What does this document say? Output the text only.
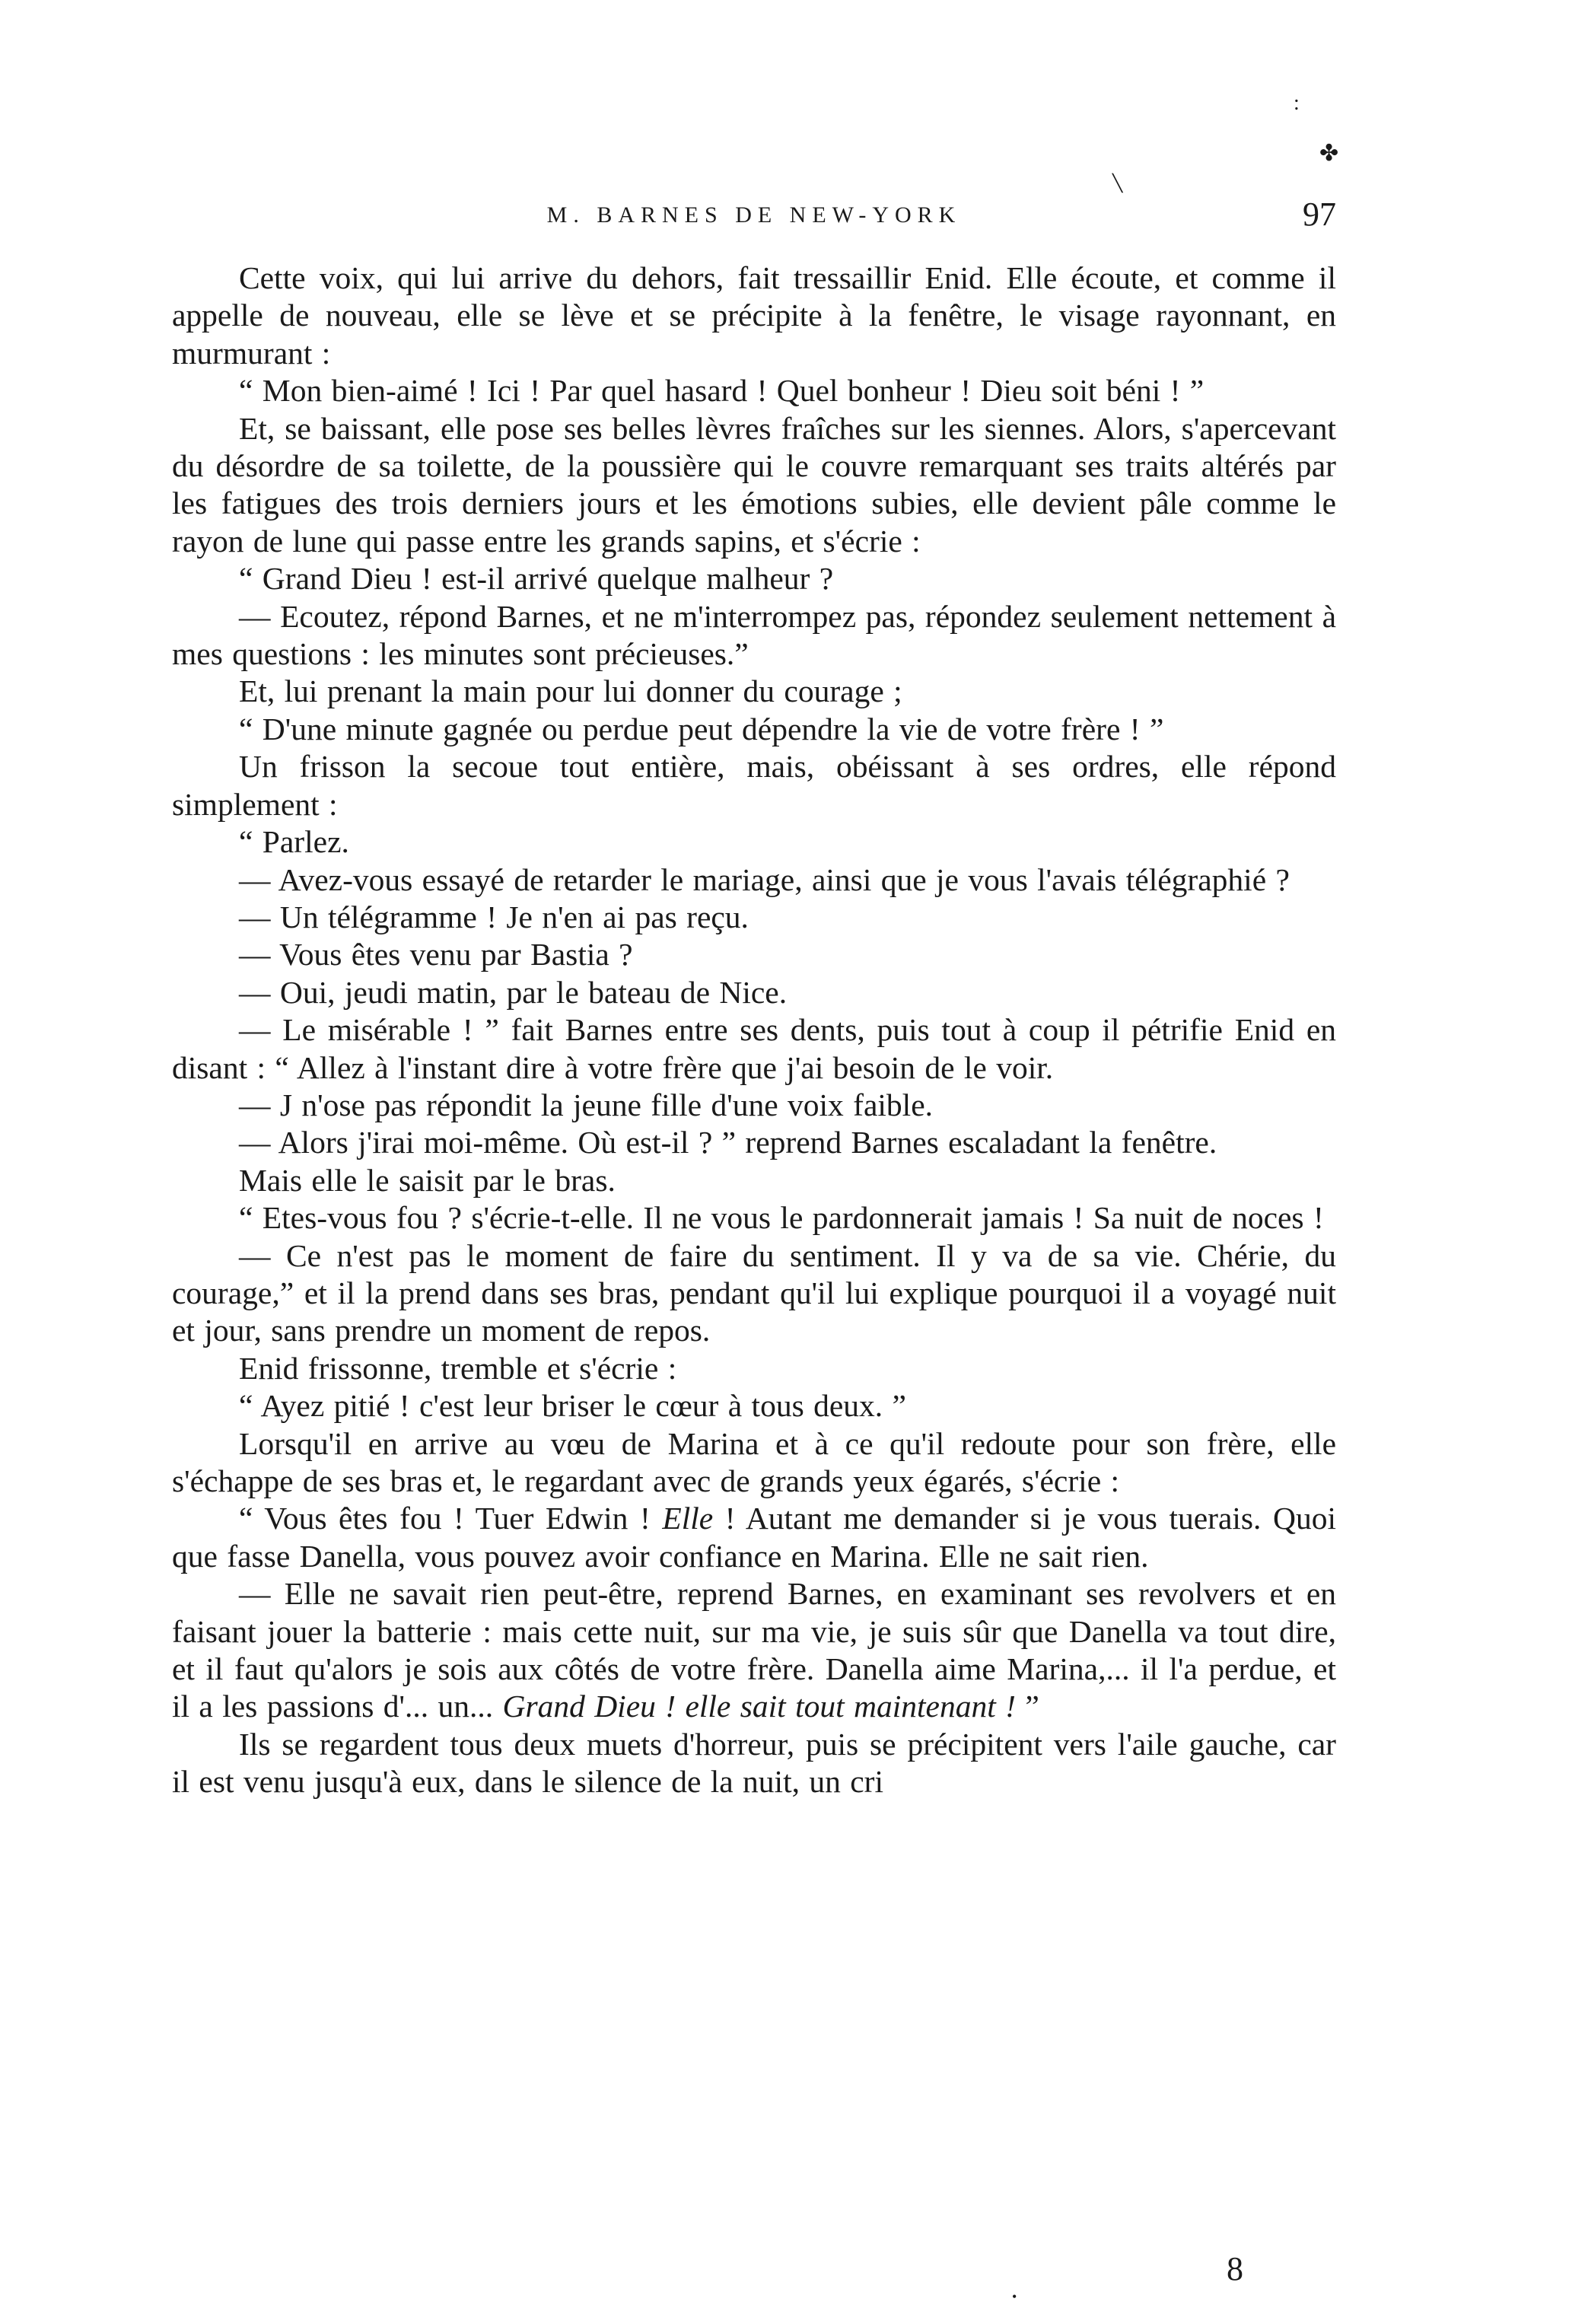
:
✤
╲
M. BARNES DE NEW-YORK	97

Cette voix, qui lui arrive du dehors, fait tressaillir Enid. Elle écoute, et comme il appelle de nouveau, elle se lève et se précipite à la fenêtre, le visage rayonnant, en murmurant :

“ Mon bien-aimé ! Ici ! Par quel hasard ! Quel bonheur ! Dieu soit béni ! ”

Et, se baissant, elle pose ses belles lèvres fraîches sur les siennes. Alors, s'apercevant du désordre de sa toilette, de la poussière qui le couvre remarquant ses traits altérés par les fatigues des trois derniers jours et les émotions subies, elle devient pâle comme le rayon de lune qui passe entre les grands sapins, et s'écrie :

“ Grand Dieu ! est-il arrivé quelque malheur ?

— Ecoutez, répond Barnes, et ne m'interrompez pas, répondez seulement nettement à mes questions : les minutes sont précieuses.”

Et, lui prenant la main pour lui donner du courage ;

“ D'une minute gagnée ou perdue peut dépendre la vie de votre frère ! ”

Un frisson la secoue tout entière, mais, obéissant à ses ordres, elle répond simplement :

“ Parlez.

— Avez-vous essayé de retarder le mariage, ainsi que je vous l'avais télégraphié ?

— Un télégramme ! Je n'en ai pas reçu.

— Vous êtes venu par Bastia ?

— Oui, jeudi matin, par le bateau de Nice.

— Le misérable ! ” fait Barnes entre ses dents, puis tout à coup il pétrifie Enid en disant : “ Allez à l'instant dire à votre frère que j'ai besoin de le voir.

— J n'ose pas répondit la jeune fille d'une voix faible.

— Alors j'irai moi-même. Où est-il ? ” reprend Barnes escaladant la fenêtre.

Mais elle le saisit par le bras.

“ Etes-vous fou ? s'écrie-t-elle. Il ne vous le pardonnerait jamais ! Sa nuit de noces !

— Ce n'est pas le moment de faire du sentiment. Il y va de sa vie. Chérie, du courage,” et il la prend dans ses bras, pendant qu'il lui explique pourquoi il a voyagé nuit et jour, sans prendre un moment de repos.

Enid frissonne, tremble et s'écrie :

“ Ayez pitié ! c'est leur briser le cœur à tous deux. ”

Lorsqu'il en arrive au vœu de Marina et à ce qu'il redoute pour son frère, elle s'échappe de ses bras et, le regardant avec de grands yeux égarés, s'écrie :

“ Vous êtes fou ! Tuer Edwin ! Elle ! Autant me demander si je vous tuerais. Quoi que fasse Danella, vous pouvez avoir confiance en Marina. Elle ne sait rien.

— Elle ne savait rien peut-être, reprend Barnes, en examinant ses revolvers et en faisant jouer la batterie : mais cette nuit, sur ma vie, je suis sûr que Danella va tout dire, et il faut qu'alors je sois aux côtés de votre frère. Danella aime Marina,... il l'a perdue, et il a les passions d'... un... Grand Dieu ! elle sait tout maintenant ! ”

Ils se regardent tous deux muets d'horreur, puis se précipitent vers l'aile gauche, car il est venu jusqu'à eux, dans le silence de la nuit, un cri

8
•
